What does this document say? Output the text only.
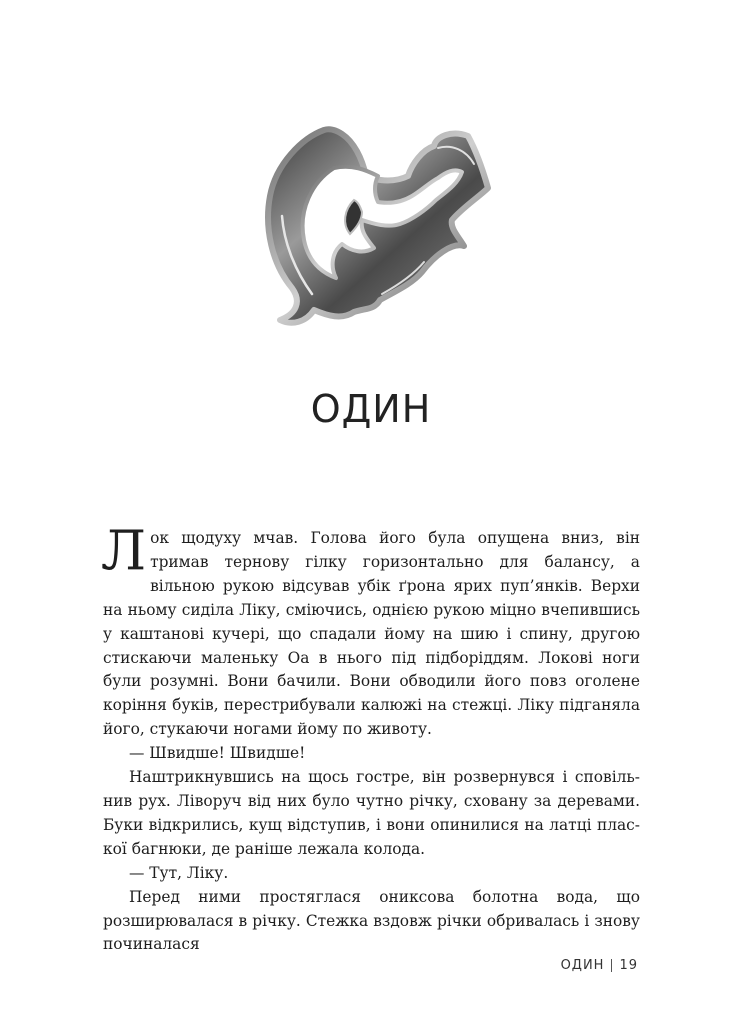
ОДИН

Лок щодуху мчав. Голова його була опущена вниз, він тримав тернову гілку горизонтально для балансу, а вільною рукою відсував убік ґрона ярих пуп’янків. Верхи на ньому сиділа Ліку, сміючись, однією рукою міцно вчепившись у каштанові кучері, що спадали йому на шию і спину, другою стискаючи маленьку Оа в нього під підборіддям. Локові ноги були розумні. Вони бачили. Вони обводили його повз оголене коріння буків, перестрибували калюжі на стежці. Ліку підганяла його, стукаючи ногами йому по животу.

— Швидше! Швидше!

Наштрикнувшись на щось гостре, він розвернувся і сповільнив рух. Ліворуч від них було чутно річку, сховану за деревами. Буки відкрились, кущ відступив, і вони опинилися на латці пласкої багнюки, де раніше лежала колода.

— Тут, Ліку.

Перед ними простяглася ониксова болотна вода, що розширювалася в річку. Стежка вздовж річки обривалась і знову починалася

ОДИН 19
